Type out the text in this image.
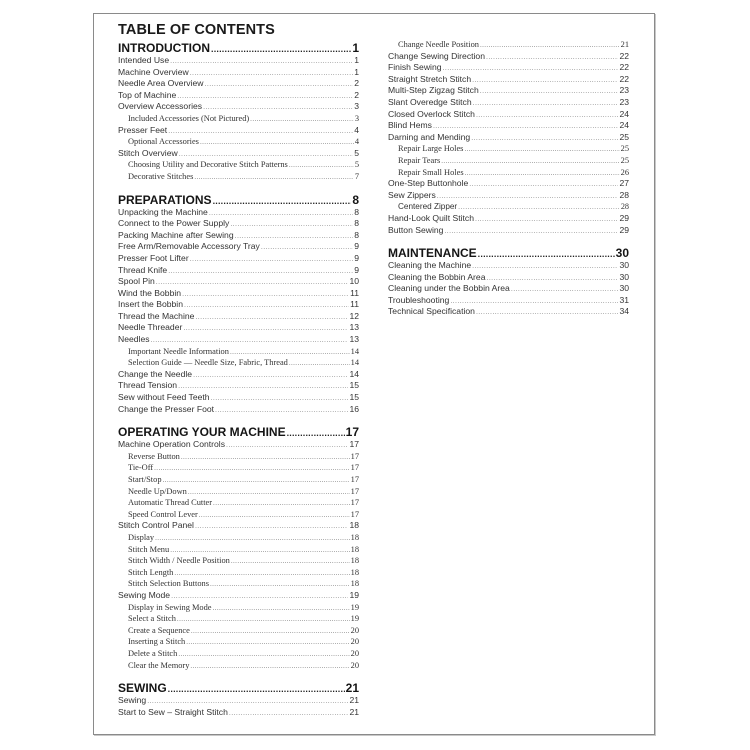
TABLE OF CONTENTS
INTRODUCTION .....	1
Intended Use .....	1
Machine Overview .....	1
Needle Area Overview .....	2
Top of Machine .....	2
Overview Accessories .....	3
Included Accessories (Not Pictured) .....	3
Presser Feet .....	4
Optional Accessories .....	4
Stitch Overview .....	5
Choosing Utility and Decorative Stitch Patterns .....	5
Decorative Stitches .....	7
PREPARATIONS .....	8
Unpacking the Machine .....	8
Connect to the Power Supply .....	8
Packing Machine after Sewing .....	8
Free Arm/Removable Accessory Tray .....	9
Presser Foot Lifter .....	9
Thread Knife .....	9
Spool Pin .....	10
Wind the Bobbin .....	11
Insert the Bobbin .....	11
Thread the Machine .....	12
Needle Threader .....	13
Needles .....	13
Important Needle Information .....	14
Selection Guide — Needle Size, Fabric, Thread .....	14
Change the Needle .....	14
Thread Tension .....	15
Sew without Feed Teeth .....	15
Change the Presser Foot .....	16
OPERATING YOUR MACHINE .....	17
Machine Operation Controls .....	17
Reverse Button .....	17
Tie-Off .....	17
Start/Stop .....	17
Needle Up/Down .....	17
Automatic Thread Cutter .....	17
Speed Control Lever .....	17
Stitch Control Panel .....	18
Display .....	18
Stitch Menu .....	18
Stitch Width / Needle Position .....	18
Stitch Length .....	18
Stitch Selection Buttons .....	18
Sewing Mode .....	19
Display in Sewing Mode .....	19
Select a Stitch .....	19
Create a Sequence .....	20
Inserting a Stitch .....	20
Delete a Stitch .....	20
Clear the Memory .....	20
SEWING .....	21
Sewing .....	21
Start to Sew – Straight Stitch .....	21
Change Needle Position .....	21
Change Sewing Direction .....	22
Finish Sewing .....	22
Straight Stretch Stitch .....	22
Multi-Step Zigzag Stitch .....	23
Slant Overedge Stitch .....	23
Closed Overlock Stitch .....	24
Blind Hems .....	24
Darning and Mending .....	25
Repair Large Holes .....	25
Repair Tears .....	25
Repair Small Holes .....	26
One-Step Buttonhole .....	27
Sew Zippers .....	28
Centered Zipper .....	28
Hand-Look Quilt Stitch .....	29
Button Sewing .....	29
MAINTENANCE .....	30
Cleaning the Machine .....	30
Cleaning the Bobbin Area .....	30
Cleaning under the Bobbin Area .....	30
Troubleshooting .....	31
Technical Specification .....	34
